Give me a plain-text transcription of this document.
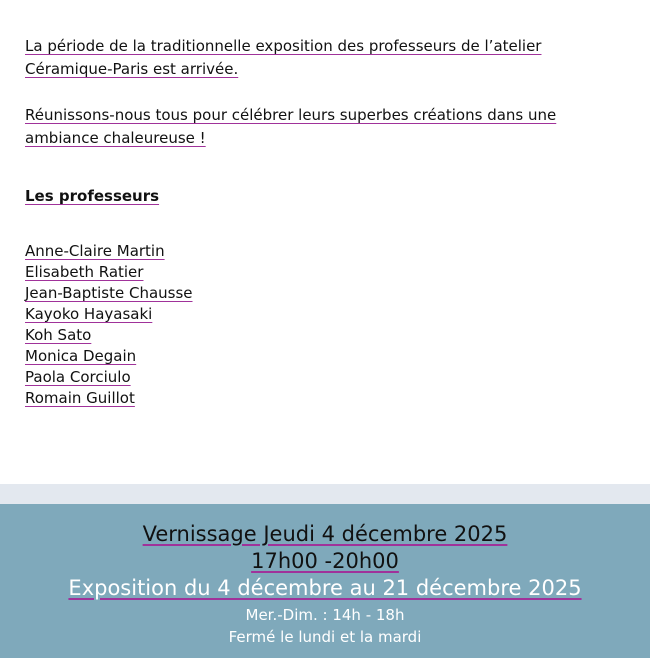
La période de la traditionnelle exposition des professeurs de l’atelier
Céramique-Paris est arrivée.

Réunissons-nous tous pour célébrer leurs superbes créations dans une
ambiance chaleureuse !

Les professeurs
Anne-Claire Martin
Elisabeth Ratier
Jean-Baptiste Chausse
Kayoko Hayasaki
Koh Sato
Monica Degain
Paola Corciulo
Romain Guillot
Vernissage Jeudi 4 décembre 2025
17h00 -20h00
Exposition du 4 décembre au 21 décembre 2025
Mer.-Dim. : 14h - 18h
Fermé le lundi et la mardi
